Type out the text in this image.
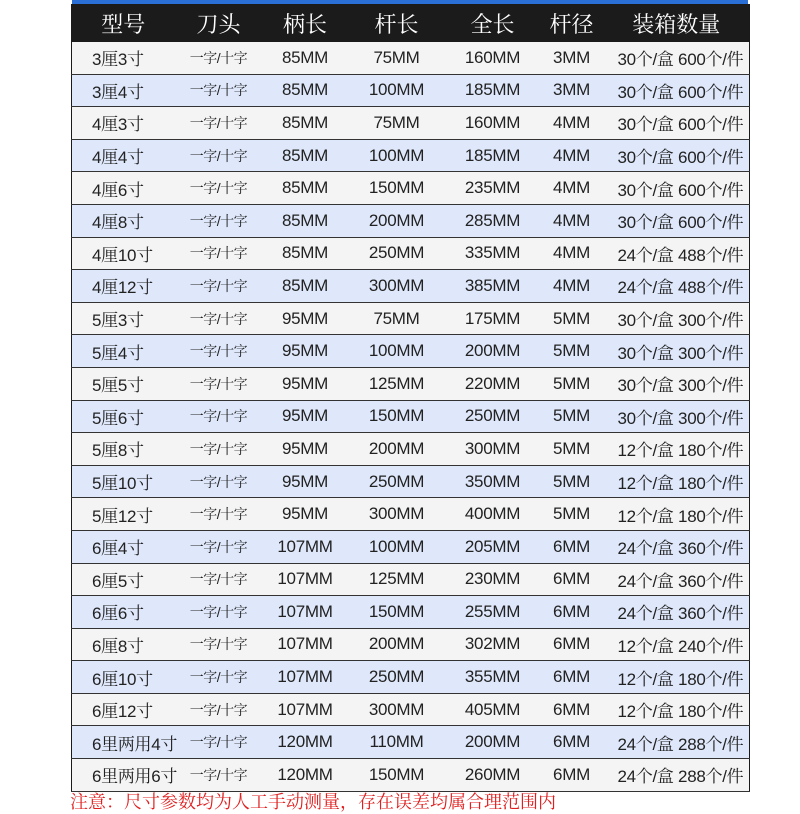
型号	刀头	柄长	杆长	全长	杆径	装箱数量
3厘3寸	一字/十字	85MM	75MM	160MM	3MM	30个/盒 600个/件
3厘4寸	一字/十字	85MM	100MM	185MM	3MM	30个/盒 600个/件
4厘3寸	一字/十字	85MM	75MM	160MM	4MM	30个/盒 600个/件
4厘4寸	一字/十字	85MM	100MM	185MM	4MM	30个/盒 600个/件
4厘6寸	一字/十字	85MM	150MM	235MM	4MM	30个/盒 600个/件
4厘8寸	一字/十字	85MM	200MM	285MM	4MM	30个/盒 600个/件
4厘10寸	一字/十字	85MM	250MM	335MM	4MM	24个/盒 488个/件
4厘12寸	一字/十字	85MM	300MM	385MM	4MM	24个/盒 488个/件
5厘3寸	一字/十字	95MM	75MM	175MM	5MM	30个/盒 300个/件
5厘4寸	一字/十字	95MM	100MM	200MM	5MM	30个/盒 300个/件
5厘5寸	一字/十字	95MM	125MM	220MM	5MM	30个/盒 300个/件
5厘6寸	一字/十字	95MM	150MM	250MM	5MM	30个/盒 300个/件
5厘8寸	一字/十字	95MM	200MM	300MM	5MM	12个/盒 180个/件
5厘10寸	一字/十字	95MM	250MM	350MM	5MM	12个/盒 180个/件
5厘12寸	一字/十字	95MM	300MM	400MM	5MM	12个/盒 180个/件
6厘4寸	一字/十字	107MM	100MM	205MM	6MM	24个/盒 360个/件
6厘5寸	一字/十字	107MM	125MM	230MM	6MM	24个/盒 360个/件
6厘6寸	一字/十字	107MM	150MM	255MM	6MM	24个/盒 360个/件
6厘8寸	一字/十字	107MM	200MM	302MM	6MM	12个/盒 240个/件
6厘10寸	一字/十字	107MM	250MM	355MM	6MM	12个/盒 180个/件
6厘12寸	一字/十字	107MM	300MM	405MM	6MM	12个/盒 180个/件
6里两用4寸	一字/十字	120MM	110MM	200MM	6MM	24个/盒 288个/件
6里两用6寸	一字/十字	120MM	150MM	260MM	6MM	24个/盒 288个/件
注意：尺寸参数均为人工手动测量，存在误差均属合理范围内
